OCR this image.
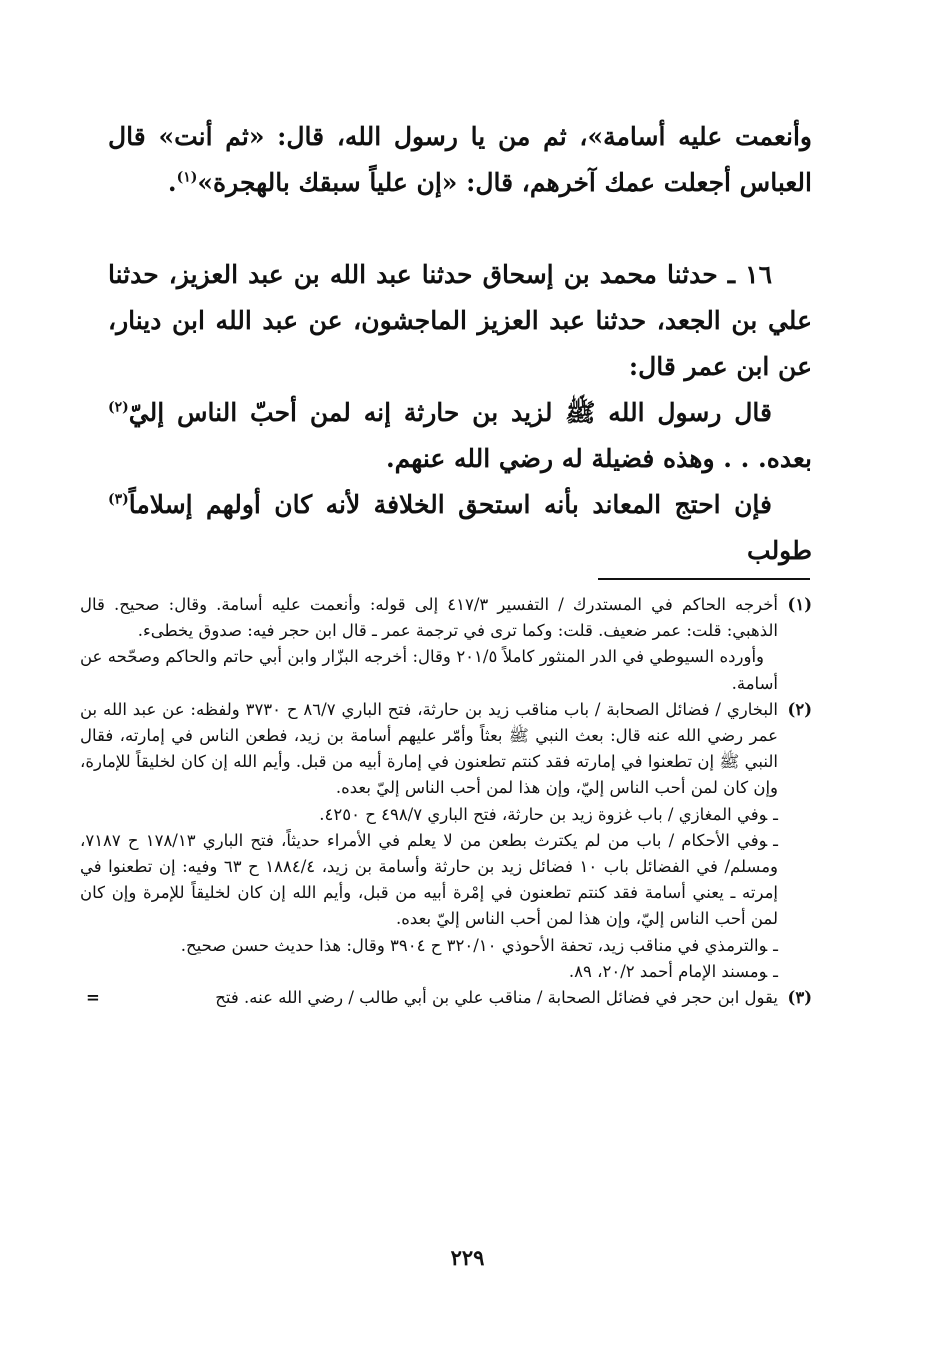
وأنعمت عليه أسامة»، ثم من يا رسول الله، قال: «ثم أنت» قال العباس أجعلت عمك آخرهم، قال: «إن علياً سبقك بالهجرة»$^{(١)}$.

١٦ ـ حدثنا محمد بن إسحاق حدثنا عبد الله بن عبد العزيز، حدثنا علي بن الجعد، حدثنا عبد العزيز الماجشون، عن عبد الله ابن دينار، عن ابن عمر قال:

قال رسول الله ﷺ لزيد بن حارثة إنه لمن أحبّ الناس إليّ$^{(٢)}$ بعده. . . وهذه فضيلة له رضي الله عنهم.

فإن احتج المعاند بأنه استحق الخلافة لأنه كان أولهم إسلاماً$^{(٣)}$ طولب

(١)

أخرجه الحاكم في المستدرك / التفسير ٤١٧/٣ إلى قوله: وأنعمت عليه أسامة. وقال: صحيح. قال الذهبي: قلت: عمر ضعيف. قلت: وكما ترى في ترجمة عمر ـ قال ابن حجر فيه: صدوق يخطىء.

وأورده السيوطي في الدر المنثور كاملاً ٢٠١/٥ وقال: أخرجه البزّار وابن أبي حاتم والحاكم وصحّحه عن أسامة.

(٢)

البخاري / فضائل الصحابة / باب مناقب زيد بن حارثة، فتح الباري ٨٦/٧ ح ٣٧٣٠ ولفظه: عن عبد الله بن عمر رضي الله عنه قال: بعث النبي ﷺ بعثاً وأمّر عليهم أسامة بن زيد، فطعن الناس في إمارته، فقال النبي ﷺ إن تطعنوا في إمارته فقد كنتم تطعنون في إمارة أبيه من قبل. وأيم الله إن كان لخليقاً للإمارة، وإن كان لمن أحب الناس إليّ، وإن هذا لمن أحب الناس إليّ بعده.

ـوفي المغازي / باب غزوة زيد بن حارثة، فتح الباري ٤٩٨/٧ ح ٤٢٥٠.

ـوفي الأحكام / باب من لم يكترث بطعن من لا يعلم في الأمراء حديثاً، فتح الباري ١٧٨/١٣ ح ٧١٨٧، ومسلم/ في الفضائل باب ١٠ فضائل زيد بن حارثة وأسامة بن زيد، ١٨٨٤/٤ ح ٦٣ وفيه: إن تطعنوا في إمرته ـ يعني أسامة فقد كنتم تطعنون في إمْرة أبيه من قبل، وأيم الله إن كان لخليقاً للإمرة وإن كان لمن أحب الناس إليّ، وإن هذا لمن أحب الناس إليّ بعده.

ـوالترمذي في مناقب زيد، تحفة الأحوذي ٣٢٠/١٠ ح ٣٩٠٤ وقال: هذا حديث حسن صحيح.

ـومسند الإمام أحمد ٢٠/٢، ٨٩.

(٣)

يقول ابن حجر في فضائل الصحابة / مناقب علي بن أبي طالب / رضي الله عنه. فتح

=
٢٢٩
